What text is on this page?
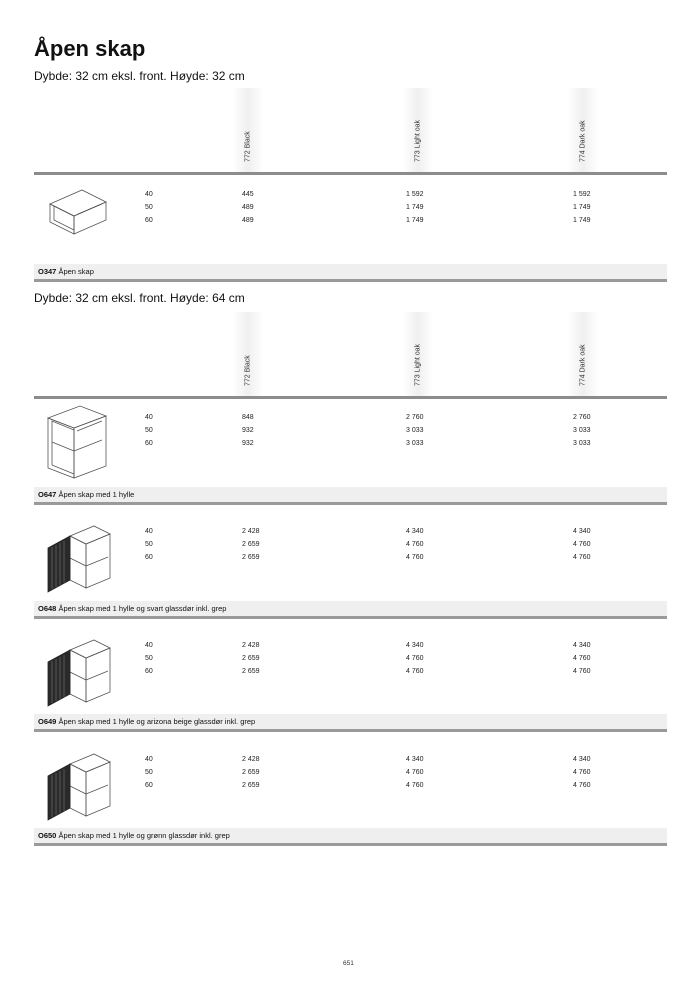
Åpen skap
Dybde: 32 cm eksl. front. Høyde: 32 cm
772 Black	773 Light oak	774 Dark oak
40	445	1 592	1 592
50	489	1 749	1 749
60	489	1 749	1 749
O347 Åpen skap
Dybde: 32 cm eksl. front. Høyde: 64 cm
772 Black	773 Light oak	774 Dark oak
40	848	2 760	2 760
50	932	3 033	3 033
60	932	3 033	3 033
O647 Åpen skap med 1 hylle
40	2 428	4 340	4 340
50	2 659	4 760	4 760
60	2 659	4 760	4 760
O648 Åpen skap med 1 hylle og svart glassdør inkl. grep
40	2 428	4 340	4 340
50	2 659	4 760	4 760
60	2 659	4 760	4 760
O649 Åpen skap med 1 hylle og arizona beige glassdør inkl. grep
40	2 428	4 340	4 340
50	2 659	4 760	4 760
60	2 659	4 760	4 760
O650 Åpen skap med 1 hylle og grønn glassdør inkl. grep
651
